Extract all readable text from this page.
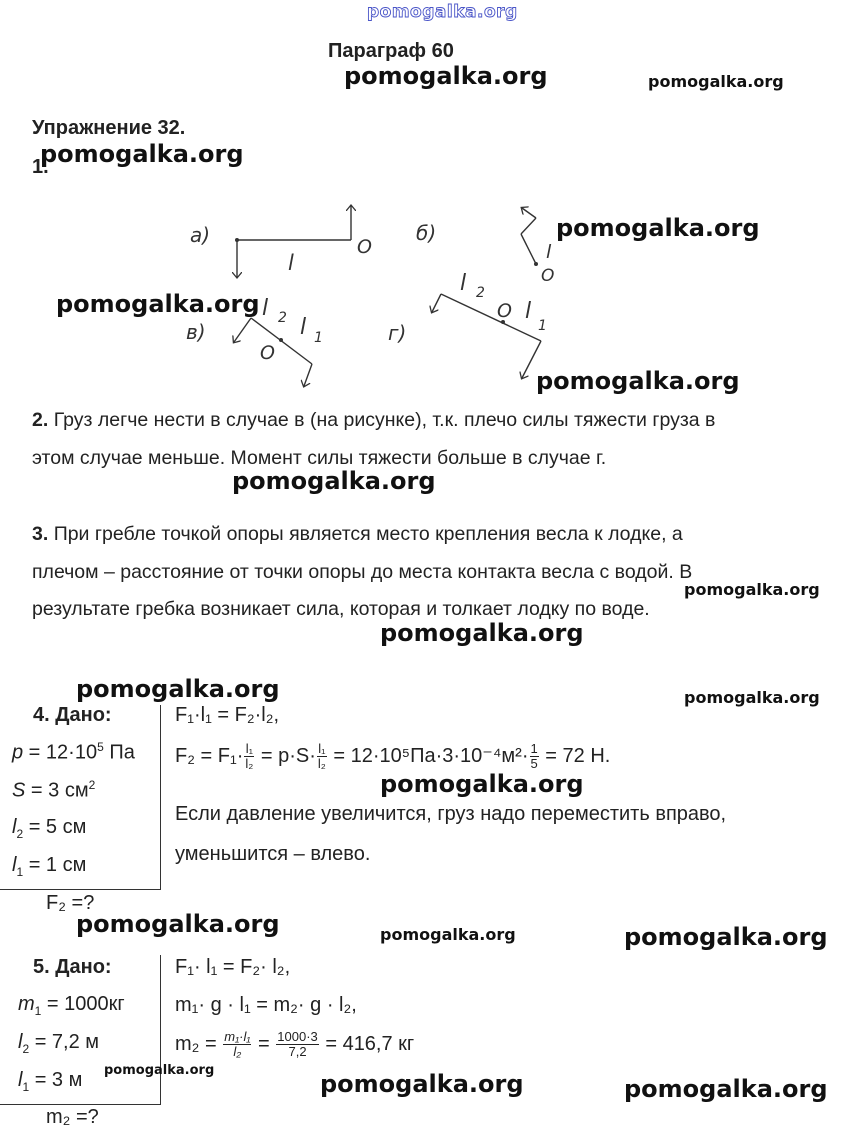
pomogalka.org
Параграф 60
Упражнение 32.
1.
а)	O
l
б)
l
O
в)
l 2 l 1
O
г)
l 2
O l
1
2. Груз легче нести в случае в (на рисунке), т.к. плечо силы тяжести груза в
этом случае меньше. Момент силы тяжести больше в случае г.
3. При гребле точкой опоры является место крепления весла к лодке, а
плечом – расстояние от точки опоры до места контакта весла с водой. В
результате гребка возникает сила, которая и толкает лодку по воде.
4. Дано:
$p = 12\cdot 10^5$ Па
S = 3 $см^2$
$l_2 = 5$ см
$l_1 = 1$ см
F₂ =?
F₁·l₁ = F₂·l₂,
$F_2 = F_1\cdot \frac{\text{l₁}}{\text{l₂}} = p\cdot S\cdot \frac{\text{l₁}}{\text{l₂}} = 12\cdot 10^5Па\cdot 3\cdot 10^{-4}м^2\cdot \frac{1}{5} = 72$ Н.
Если давление увеличится, груз надо переместить вправо,
уменьшится – влево.
5. Дано:
$m_1 = 1000кг$
$l_2 = 7,2$ м
$l_1 = 3$ м
m₂ =?
F₁· l₁ = F₂· l₂,
m₁· g · l₁ = m₂· g · l₂,
$m_2 = \frac{\text{m₁·l₁}}{\text{l₂}} = \frac{1000\cdot 3}{7,2} = 416,7$ кг
pomogalka.org	pomogalka.org
pomogalka.org
pomogalka.org
pomogalka.org
pomogalka.org
pomogalka.org
pomogalka.org
pomogalka.org
pomogalka.org	pomogalka.org
pomogalka.org
pomogalka.org	pomogalka.org	pomogalka.org
pomogalka.org	pomogalka.org	pomogalka.org
